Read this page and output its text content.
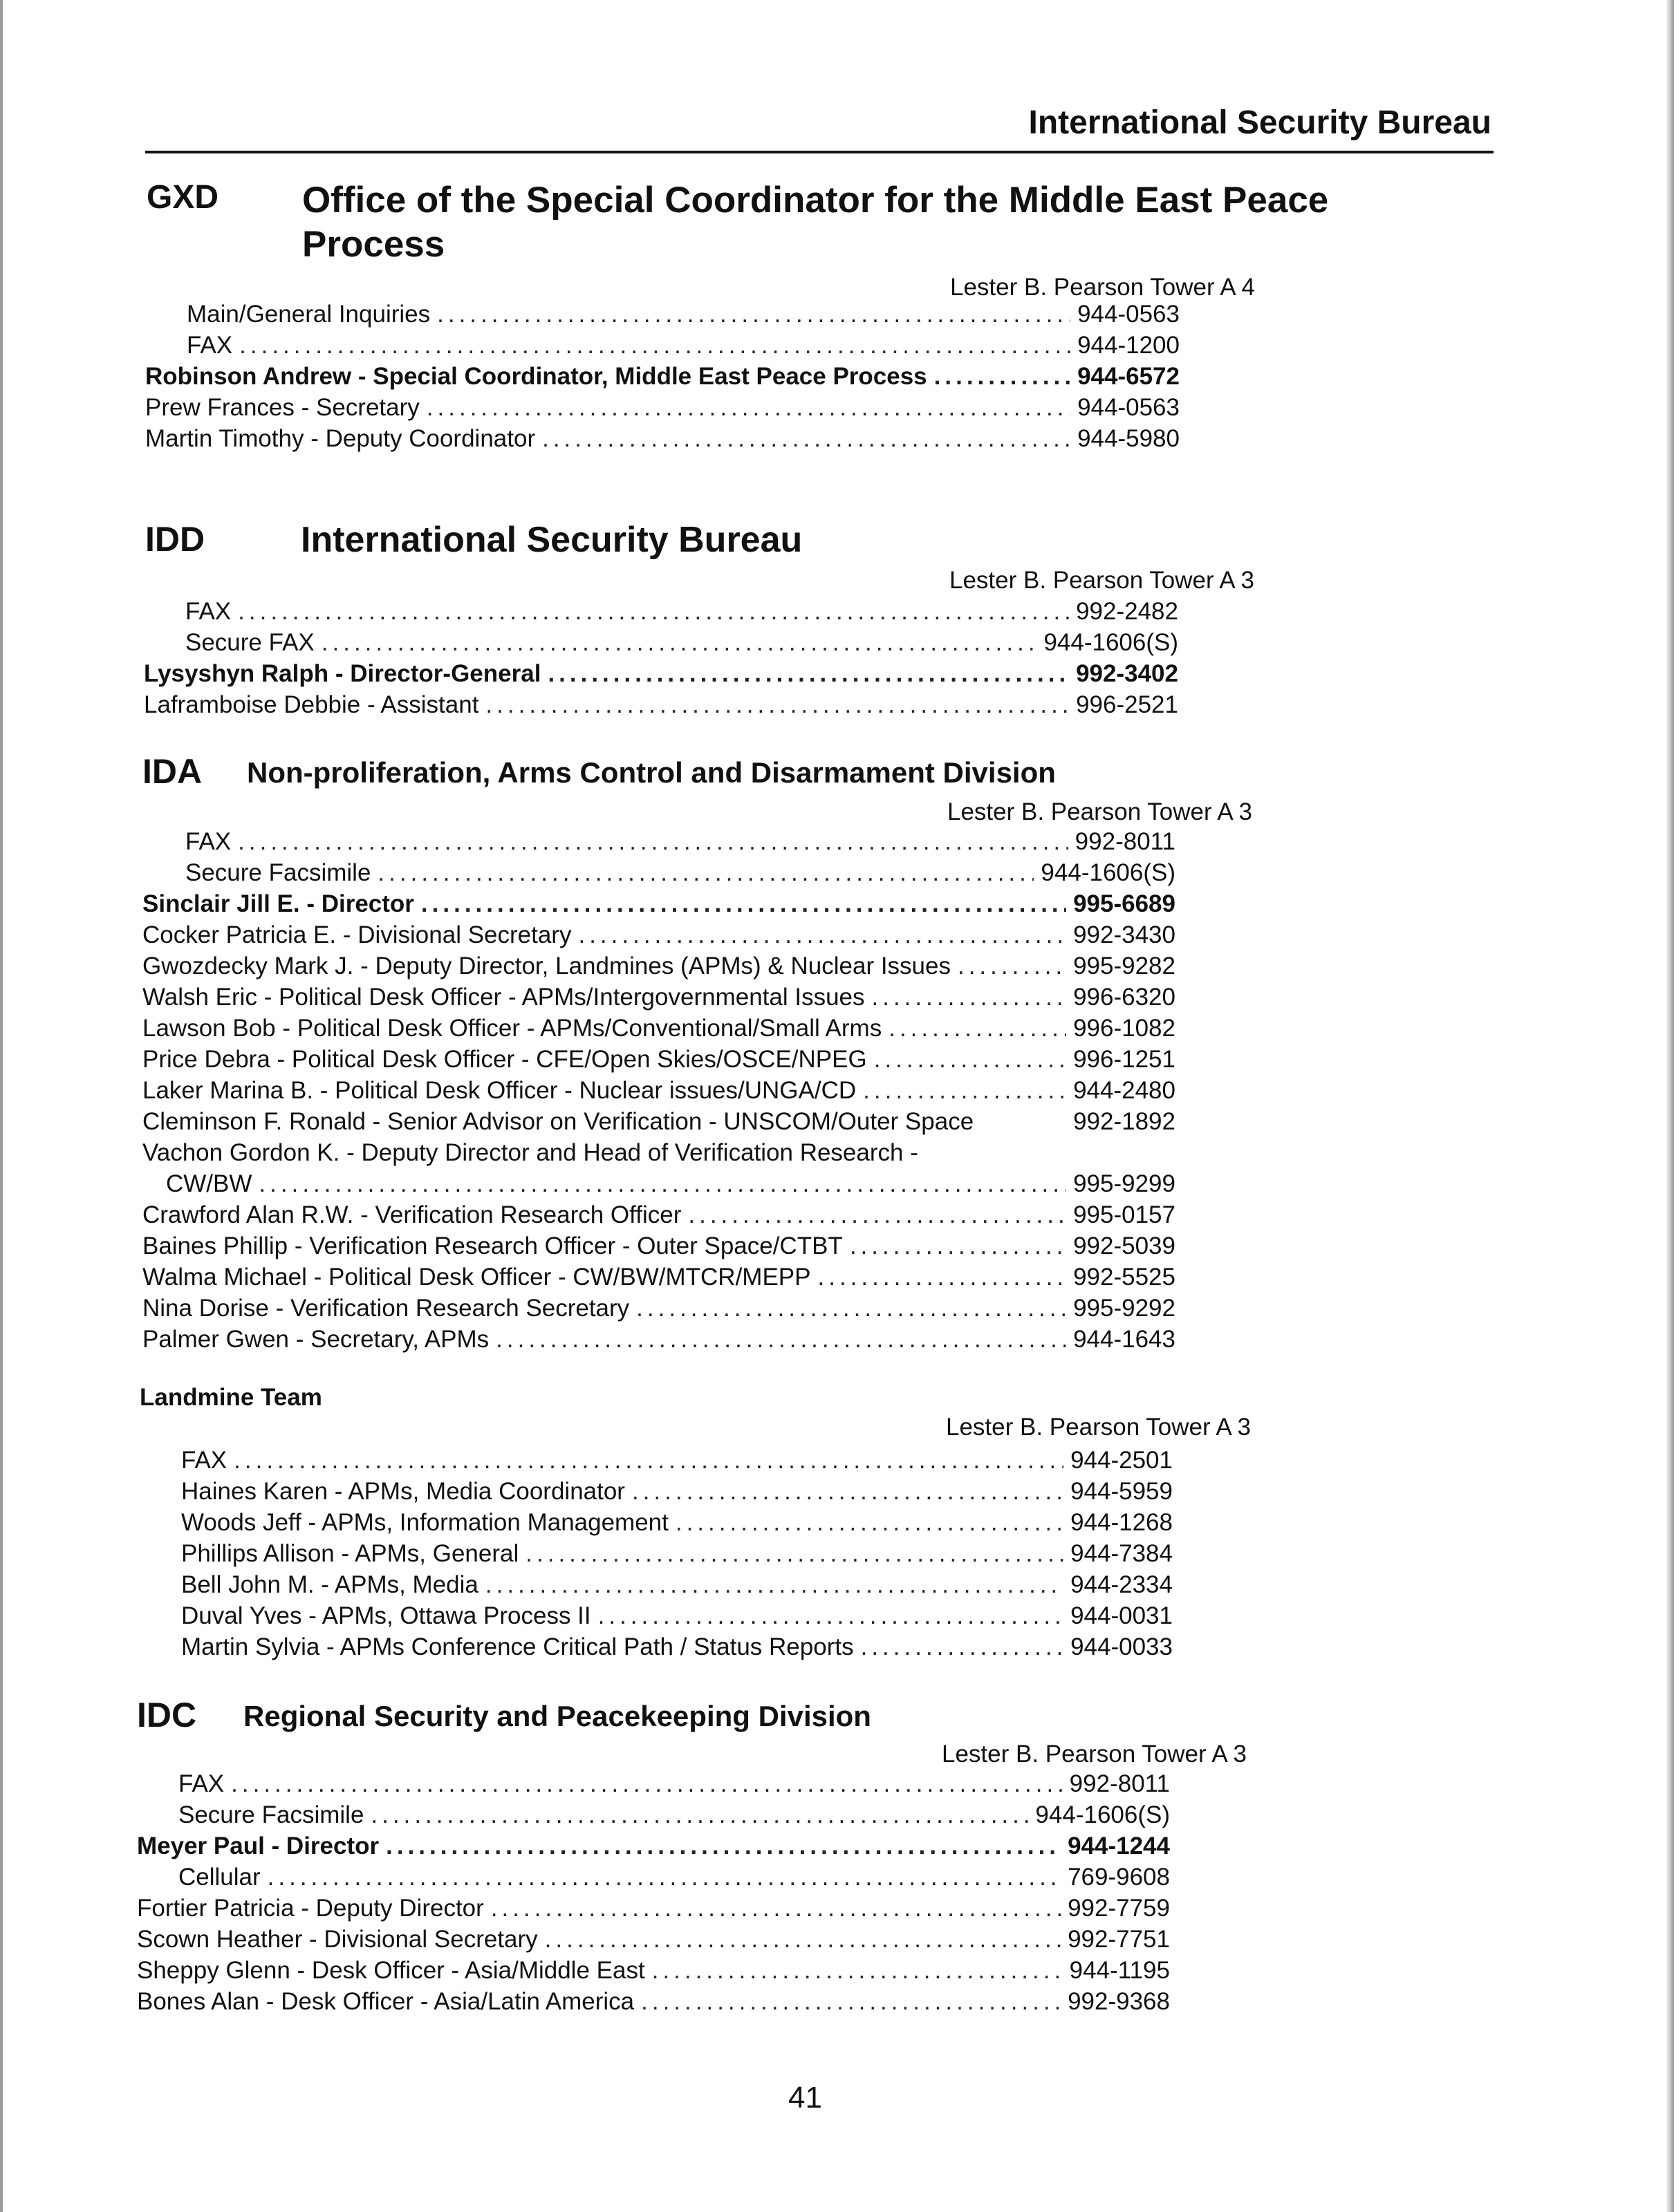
International Security Bureau
GXD Office of the Special Coordinator for the Middle East Peace
Process
Lester B. Pearson Tower A 4
Main/General Inquiries .....	944-0563
FAX .....	944-1200
Robinson Andrew - Special Coordinator, Middle East Peace Process .....	944-6572
Prew Frances - Secretary .....	944-0563
Martin Timothy - Deputy Coordinator .....	944-5980
IDD	International Security Bureau
Lester B. Pearson Tower A 3
FAX .....	992-2482
Secure FAX .....	944-1606(S)
Lysyshyn Ralph - Director-General .....	992-3402
Laframboise Debbie - Assistant .....	996-2521
IDA Non-proliferation, Arms Control and Disarmament Division
Lester B. Pearson Tower A 3
FAX .....	992-8011
Secure Facsimile .....	944-1606(S)
Sinclair Jill E. - Director .....	995-6689
Cocker Patricia E. - Divisional Secretary .....	992-3430
Gwozdecky Mark J. - Deputy Director, Landmines (APMs) & Nuclear Issues .....	995-9282
Walsh Eric - Political Desk Officer - APMs/Intergovernmental Issues .....	996-6320
Lawson Bob - Political Desk Officer - APMs/Conventional/Small Arms .....	996-1082
Price Debra - Political Desk Officer - CFE/Open Skies/OSCE/NPEG .....	996-1251
Laker Marina B. - Political Desk Officer - Nuclear issues/UNGA/CD .....	944-2480
Cleminson F. Ronald - Senior Advisor on Verification - UNSCOM/Outer Space	992-1892
Vachon Gordon K. - Deputy Director and Head of Verification Research -
CW/BW .....	995-9299
Crawford Alan R.W. - Verification Research Officer .....	995-0157
Baines Phillip - Verification Research Officer - Outer Space/CTBT .....	992-5039
Walma Michael - Political Desk Officer - CW/BW/MTCR/MEPP .....	992-5525
Nina Dorise - Verification Research Secretary .....	995-9292
Palmer Gwen - Secretary, APMs .....	944-1643
Landmine Team
Lester B. Pearson Tower A 3
FAX .....	944-2501
Haines Karen - APMs, Media Coordinator .....	944-5959
Woods Jeff - APMs, Information Management .....	944-1268
Phillips Allison - APMs, General .....	944-7384
Bell John M. - APMs, Media .....	944-2334
Duval Yves - APMs, Ottawa Process II .....	944-0031
Martin Sylvia - APMs Conference Critical Path / Status Reports .....	944-0033
IDC Regional Security and Peacekeeping Division
Lester B. Pearson Tower A 3
FAX .....	992-8011
Secure Facsimile .....	944-1606(S)
Meyer Paul - Director .....	944-1244
Cellular .....	769-9608
Fortier Patricia - Deputy Director .....	992-7759
Scown Heather - Divisional Secretary .....	992-7751
Sheppy Glenn - Desk Officer - Asia/Middle East .....	944-1195
Bones Alan - Desk Officer - Asia/Latin America .....	992-9368
41
